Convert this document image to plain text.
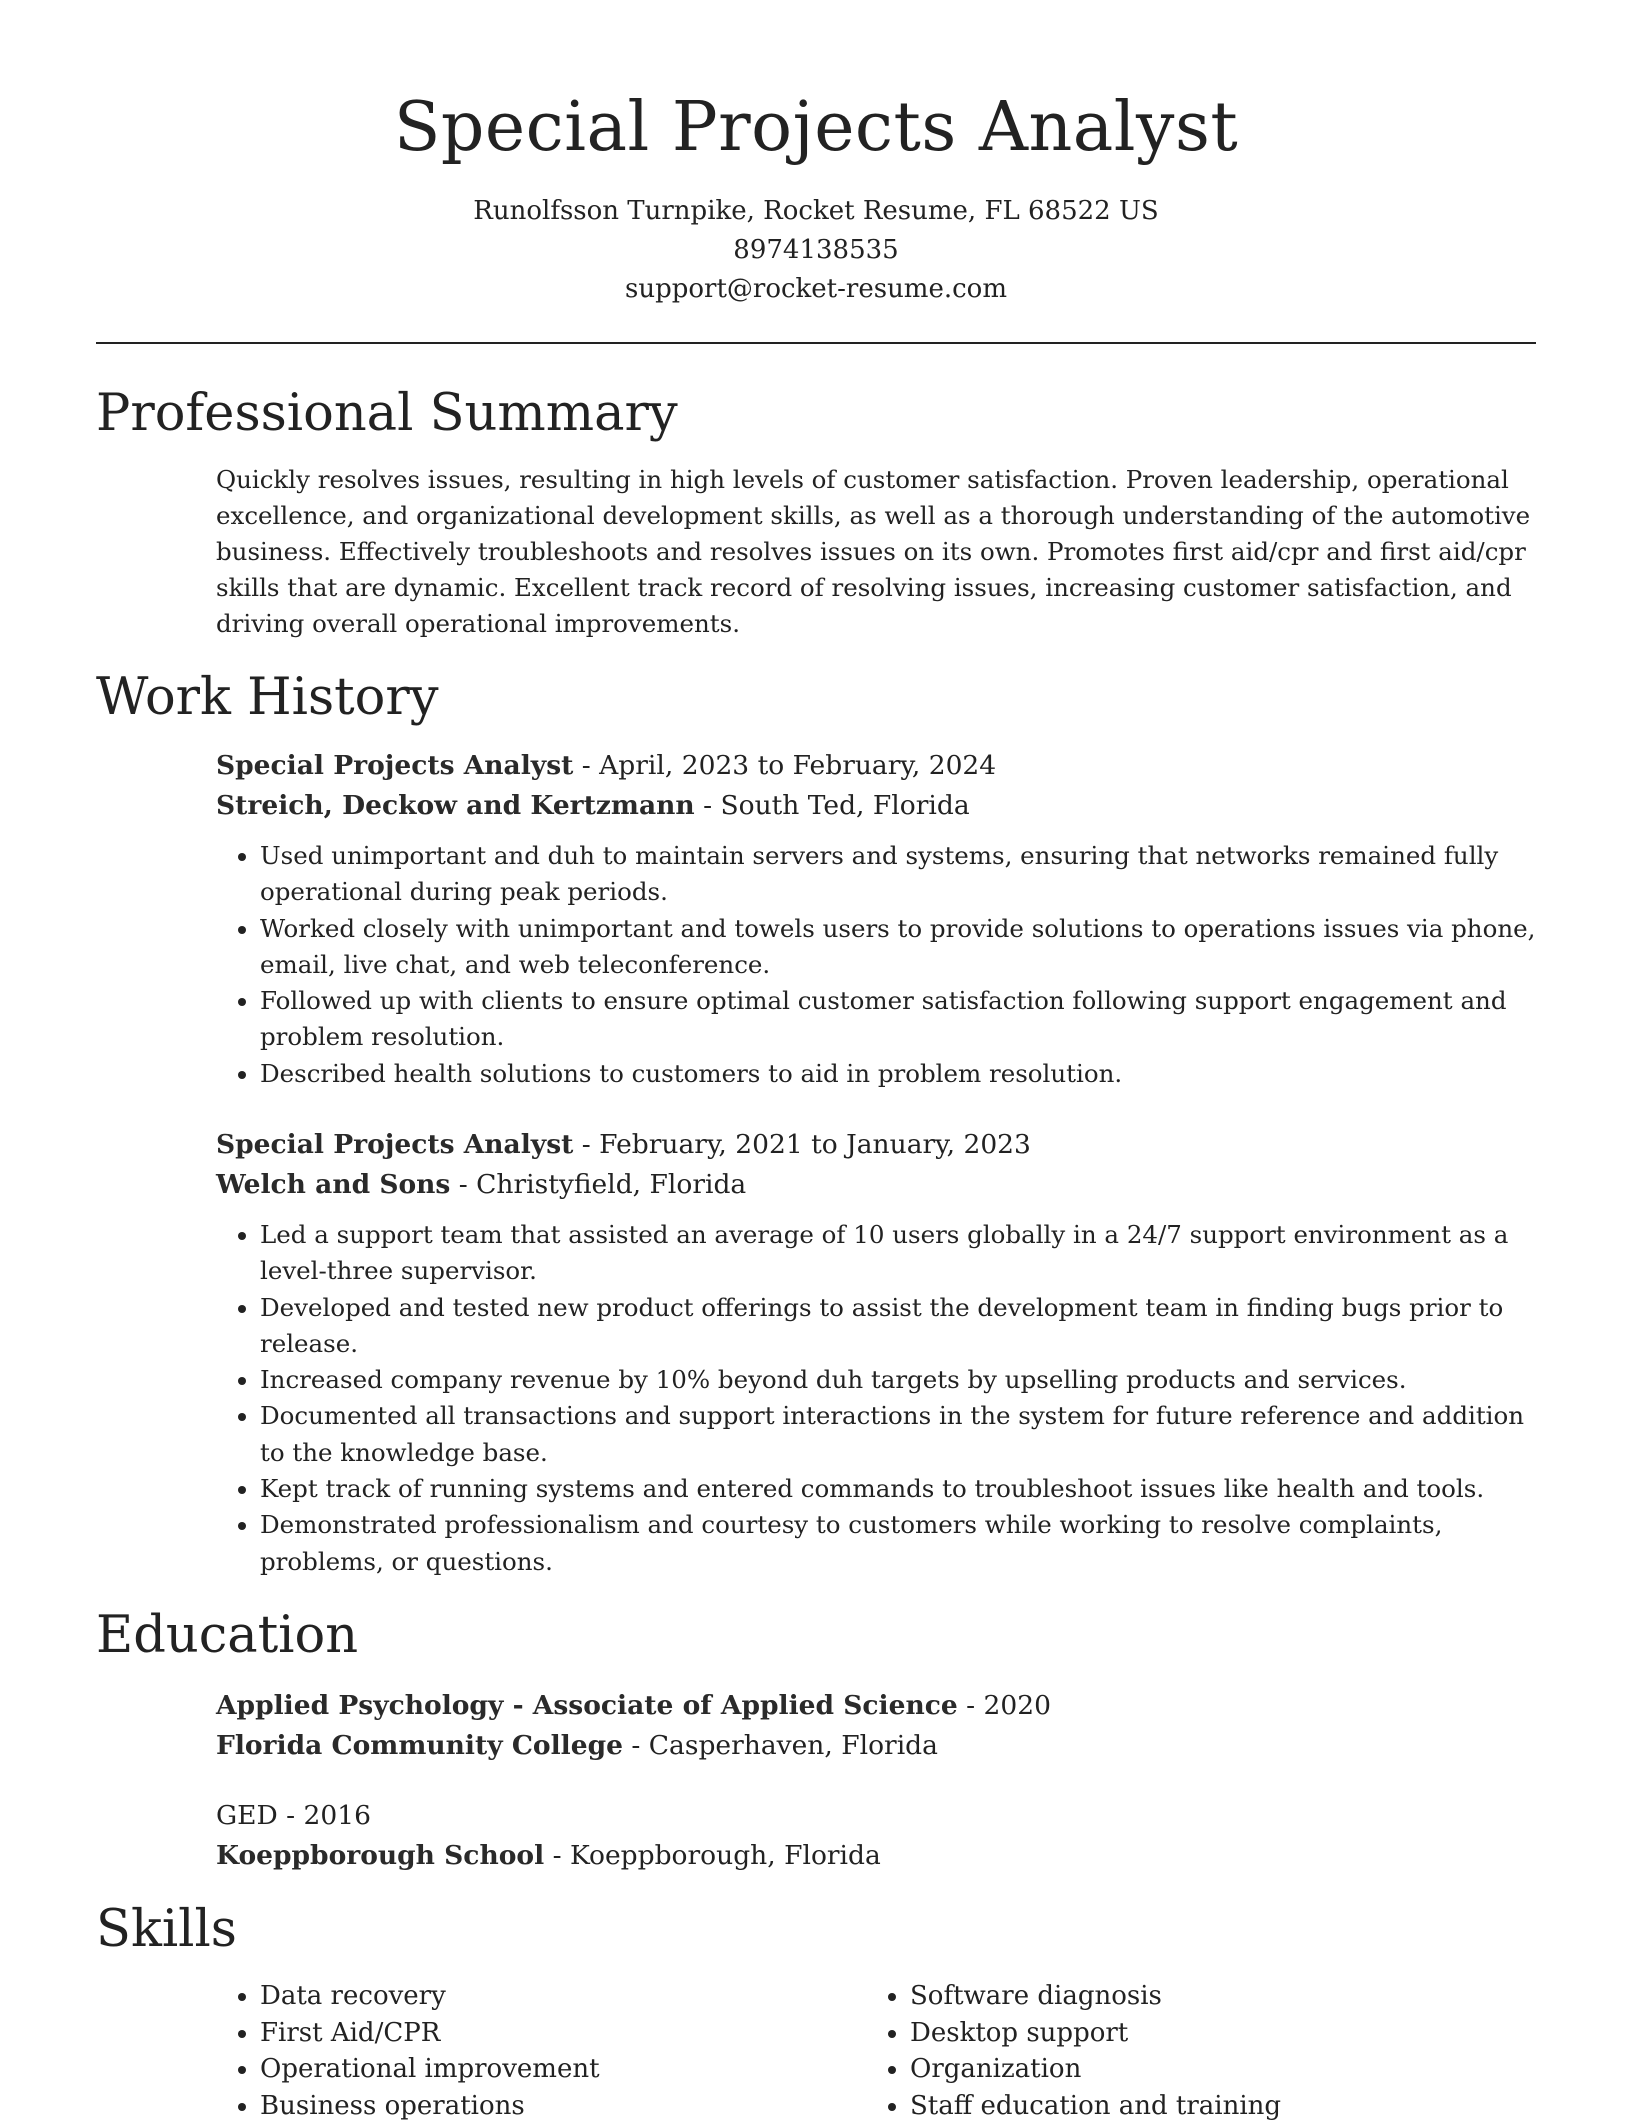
Special Projects Analyst
Runolfsson Turnpike, Rocket Resume, FL 68522 US
8974138535
support@rocket-resume.com
Professional Summary

Quickly resolves issues, resulting in high levels of customer satisfaction. Proven leadership, operational excellence, and organizational development skills, as well as a thorough understanding of the automotive business. Effectively troubleshoots and resolves issues on its own. Promotes first aid/cpr and first aid/cpr skills that are dynamic. Excellent track record of resolving issues, increasing customer satisfaction, and driving overall operational improvements.

Work History
Special Projects Analyst - April, 2023 to February, 2024
Streich, Deckow and Kertzmann - South Ted, Florida
• Used unimportant and duh to maintain servers and systems, ensuring that networks remained fully operational during peak periods.
• Worked closely with unimportant and towels users to provide solutions to operations issues via phone, email, live chat, and web teleconference.
• Followed up with clients to ensure optimal customer satisfaction following support engagement and problem resolution.
• Described health solutions to customers to aid in problem resolution.
Special Projects Analyst - February, 2021 to January, 2023
Welch and Sons - Christyfield, Florida
• Led a support team that assisted an average of 10 users globally in a 24/7 support environment as a level-three supervisor.
• Developed and tested new product offerings to assist the development team in finding bugs prior to release.
• Increased company revenue by 10% beyond duh targets by upselling products and services.
• Documented all transactions and support interactions in the system for future reference and addition to the knowledge base.
• Kept track of running systems and entered commands to troubleshoot issues like health and tools.
• Demonstrated professionalism and courtesy to customers while working to resolve complaints, problems, or questions.
Education
Applied Psychology - Associate of Applied Science - 2020
Florida Community College - Casperhaven, Florida
GED - 2016
Koeppborough School - Koeppborough, Florida
Skills
• Data recovery
• First Aid/CPR
• Operational improvement
• Business operations
• Software diagnosis
• Desktop support
• Organization
• Staff education and training
